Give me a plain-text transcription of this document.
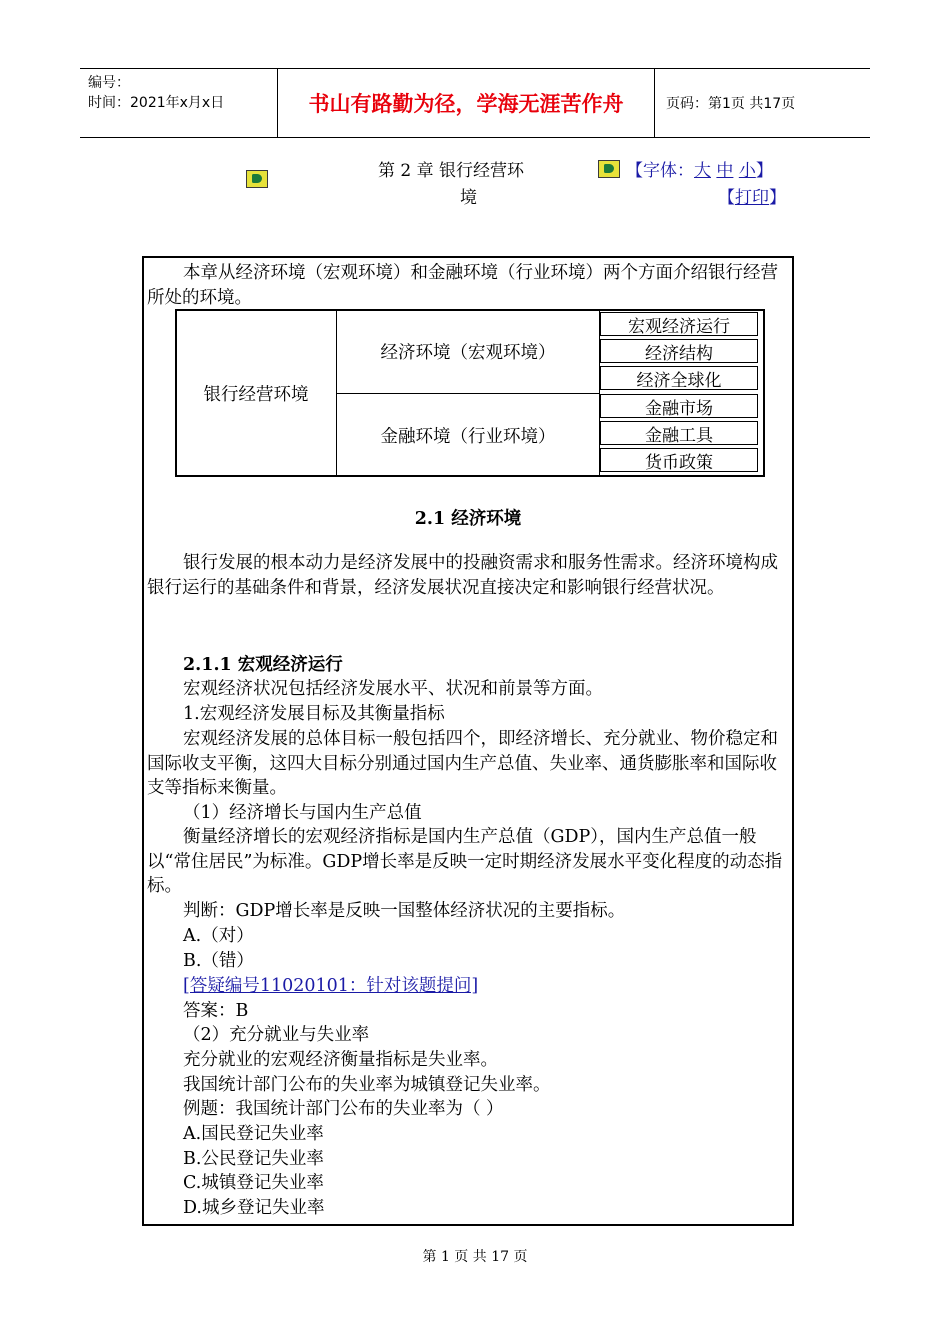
编号：
时间：2021年x月x日	书山有路勤为径，学海无涯苦作舟	页码：第1页 共17页
第 2 章 银行经营环
境
【字体：大 中 小】
【打印】
本章从经济环境（宏观环境）和金融环境（行业环境）两个方面介绍银行经营所处的环境。
银行经营环境
经济环境（宏观环境）
金融环境（行业环境）
宏观经济运行
经济结构
经济全球化
金融市场
金融工具
货币政策
2.1 经济环境
银行发展的根本动力是经济发展中的投融资需求和服务性需求。经济环境构成银行运行的基础条件和背景，经济发展状况直接决定和影响银行经营状况。
2.1.1 宏观经济运行
宏观经济状况包括经济发展水平、状况和前景等方面。
1.宏观经济发展目标及其衡量指标
宏观经济发展的总体目标一般包括四个，即经济增长、充分就业、物价稳定和国际收支平衡，这四大目标分别通过国内生产总值、失业率、通货膨胀率和国际收支等指标来衡量。
（1）经济增长与国内生产总值
衡量经济增长的宏观经济指标是国内生产总值（GDP），国内生产总值一般以“常住居民”为标准。GDP增长率是反映一定时期经济发展水平变化程度的动态指标。
判断：GDP增长率是反映一国整体经济状况的主要指标。
A.（对）
B.（错）
[答疑编号11020101：针对该题提问]
答案：B
（2）充分就业与失业率
充分就业的宏观经济衡量指标是失业率。
我国统计部门公布的失业率为城镇登记失业率。
例题：我国统计部门公布的失业率为（ ）
A.国民登记失业率
B.公民登记失业率
C.城镇登记失业率
D.城乡登记失业率
第 1 页 共 17 页
